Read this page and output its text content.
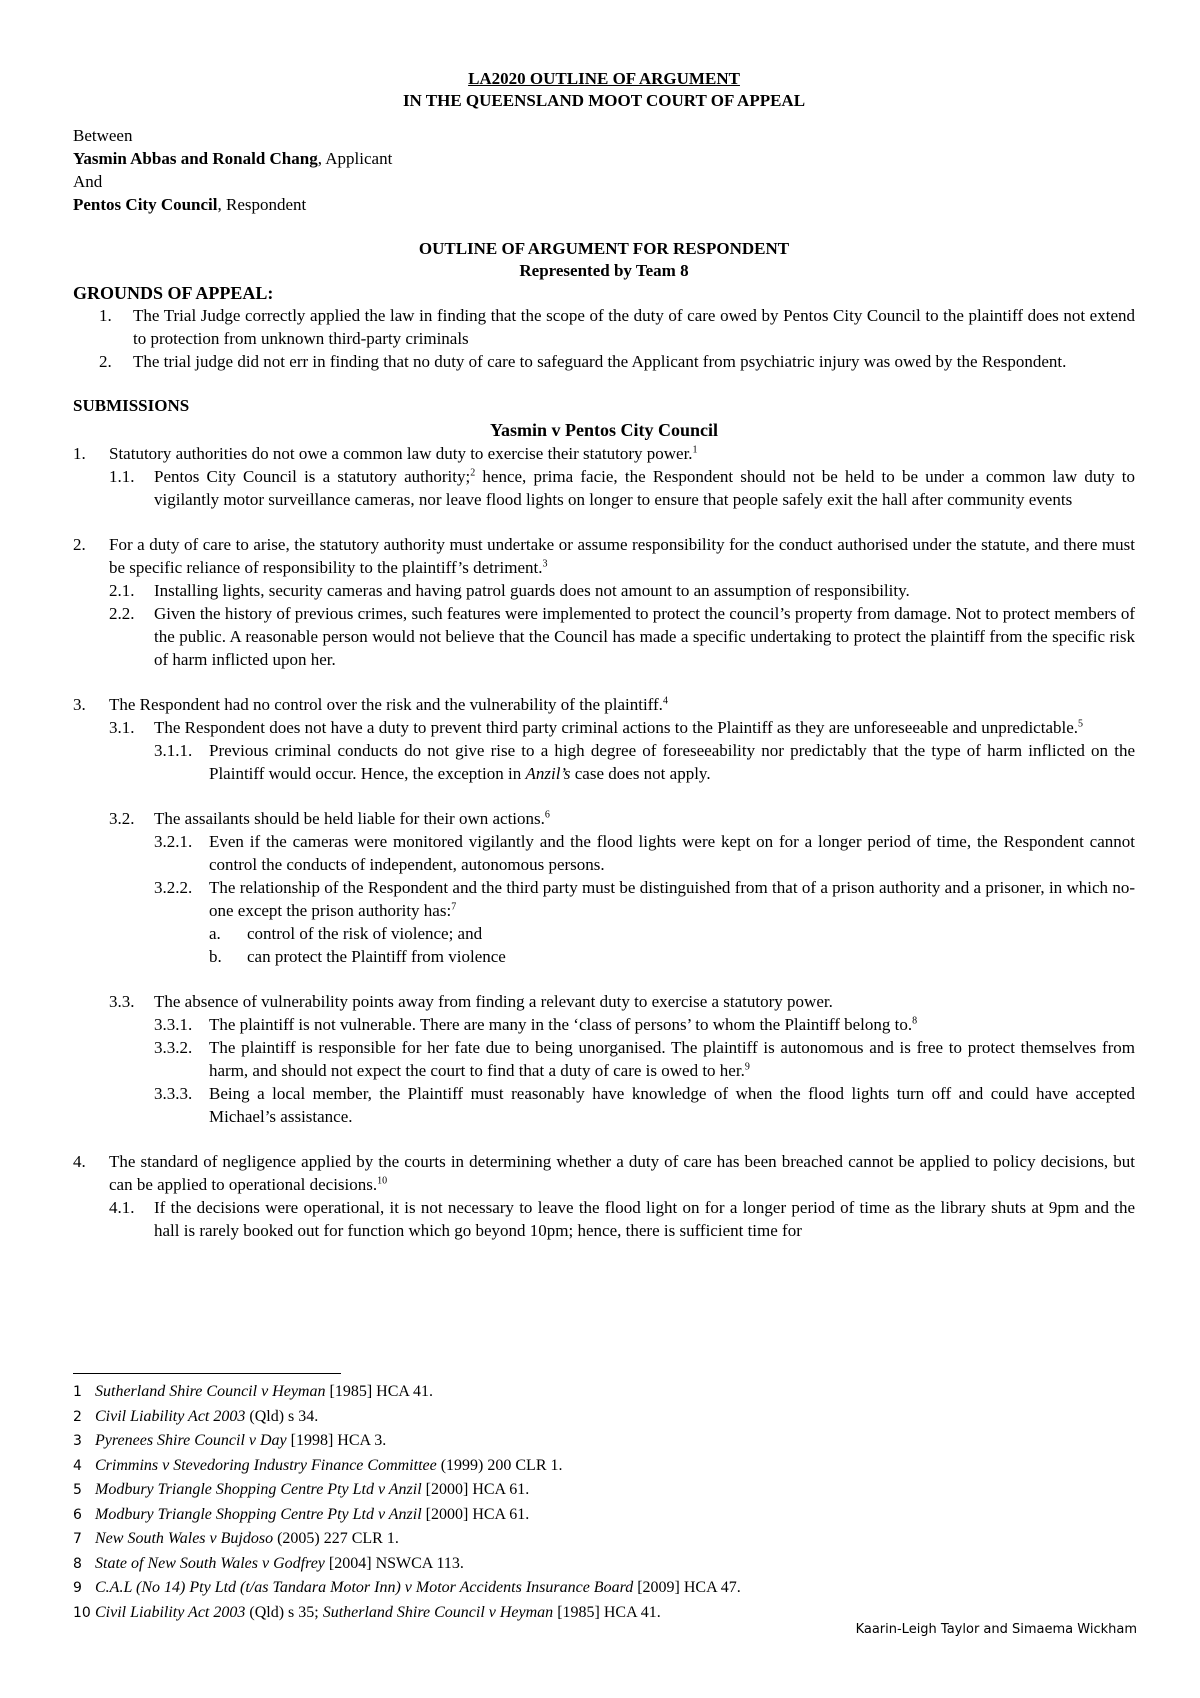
LA2020 OUTLINE OF ARGUMENT
IN THE QUEENSLAND MOOT COURT OF APPEAL
Between
Yasmin Abbas and Ronald Chang, Applicant
And
Pentos City Council, Respondent
OUTLINE OF ARGUMENT FOR RESPONDENT
Represented by Team 8
GROUNDS OF APPEAL:
1.	The Trial Judge correctly applied the law in finding that the scope of the duty of care owed by Pentos City Council to the plaintiff does not extend to protection from unknown third-party criminals
2.	The trial judge did not err in finding that no duty of care to safeguard the Applicant from psychiatric injury was owed by the Respondent.
SUBMISSIONS
Yasmin v Pentos City Council
1.	Statutory authorities do not owe a common law duty to exercise their statutory power.$^1$
1.1.	Pentos City Council is a statutory authority;$^2$ hence, prima facie, the Respondent should not be held to be under a common law duty to vigilantly motor surveillance cameras, nor leave flood lights on longer to ensure that people safely exit the hall after community events
2.	For a duty of care to arise, the statutory authority must undertake or assume responsibility for the conduct authorised under the statute, and there must be specific reliance of responsibility to the plaintiff’s detriment.$^3$
2.1.	Installing lights, security cameras and having patrol guards does not amount to an assumption of responsibility.
2.2.	Given the history of previous crimes, such features were implemented to protect the council’s property from damage. Not to protect members of the public. A reasonable person would not believe that the Council has made a specific undertaking to protect the plaintiff from the specific risk of harm inflicted upon her.
3.	The Respondent had no control over the risk and the vulnerability of the plaintiff.$^4$
3.1.	The Respondent does not have a duty to prevent third party criminal actions to the Plaintiff as they are unforeseeable and unpredictable.$^5$
3.1.1. Previous criminal conducts do not give rise to a high degree of foreseeability nor predictably that the type of harm inflicted on the Plaintiff would occur. Hence, the exception in Anzil’s case does not apply.
3.2.	The assailants should be held liable for their own actions.$^6$
3.2.1. Even if the cameras were monitored vigilantly and the flood lights were kept on for a longer period of time, the Respondent cannot control the conducts of independent, autonomous persons.
3.2.2. The relationship of the Respondent and the third party must be distinguished from that of a prison authority and a prisoner, in which no-one except the prison authority has:$^7$
a.	control of the risk of violence; and
b.	can protect the Plaintiff from violence
3.3.	The absence of vulnerability points away from finding a relevant duty to exercise a statutory power.
3.3.1. The plaintiff is not vulnerable. There are many in the ‘class of persons’ to whom the Plaintiff belong to.$^8$
3.3.2. The plaintiff is responsible for her fate due to being unorganised. The plaintiff is autonomous and is free to protect themselves from harm, and should not expect the court to find that a duty of care is owed to her.$^9$
3.3.3. Being a local member, the Plaintiff must reasonably have knowledge of when the flood lights turn off and could have accepted Michael’s assistance.
4.	The standard of negligence applied by the courts in determining whether a duty of care has been breached cannot be applied to policy decisions, but can be applied to operational decisions.$^{10}$
4.1.	If the decisions were operational, it is not necessary to leave the flood light on for a longer period of time as the library shuts at 9pm and the hall is rarely booked out for function which go beyond 10pm; hence, there is sufficient time for
1 Sutherland Shire Council v Heyman [1985] HCA 41.
2 Civil Liability Act 2003 (Qld) s 34.
3 Pyrenees Shire Council v Day [1998] HCA 3.
4 Crimmins v Stevedoring Industry Finance Committee (1999) 200 CLR 1.
5 Modbury Triangle Shopping Centre Pty Ltd v Anzil [2000] HCA 61.
6 Modbury Triangle Shopping Centre Pty Ltd v Anzil [2000] HCA 61.
7 New South Wales v Bujdoso (2005) 227 CLR 1.
8 State of New South Wales v Godfrey [2004] NSWCA 113.
9 C.A.L (No 14) Pty Ltd (t/as Tandara Motor Inn) v Motor Accidents Insurance Board [2009] HCA 47.
10 Civil Liability Act 2003 (Qld) s 35; Sutherland Shire Council v Heyman [1985] HCA 41.
Kaarin-Leigh Taylor and Simaema Wickham
